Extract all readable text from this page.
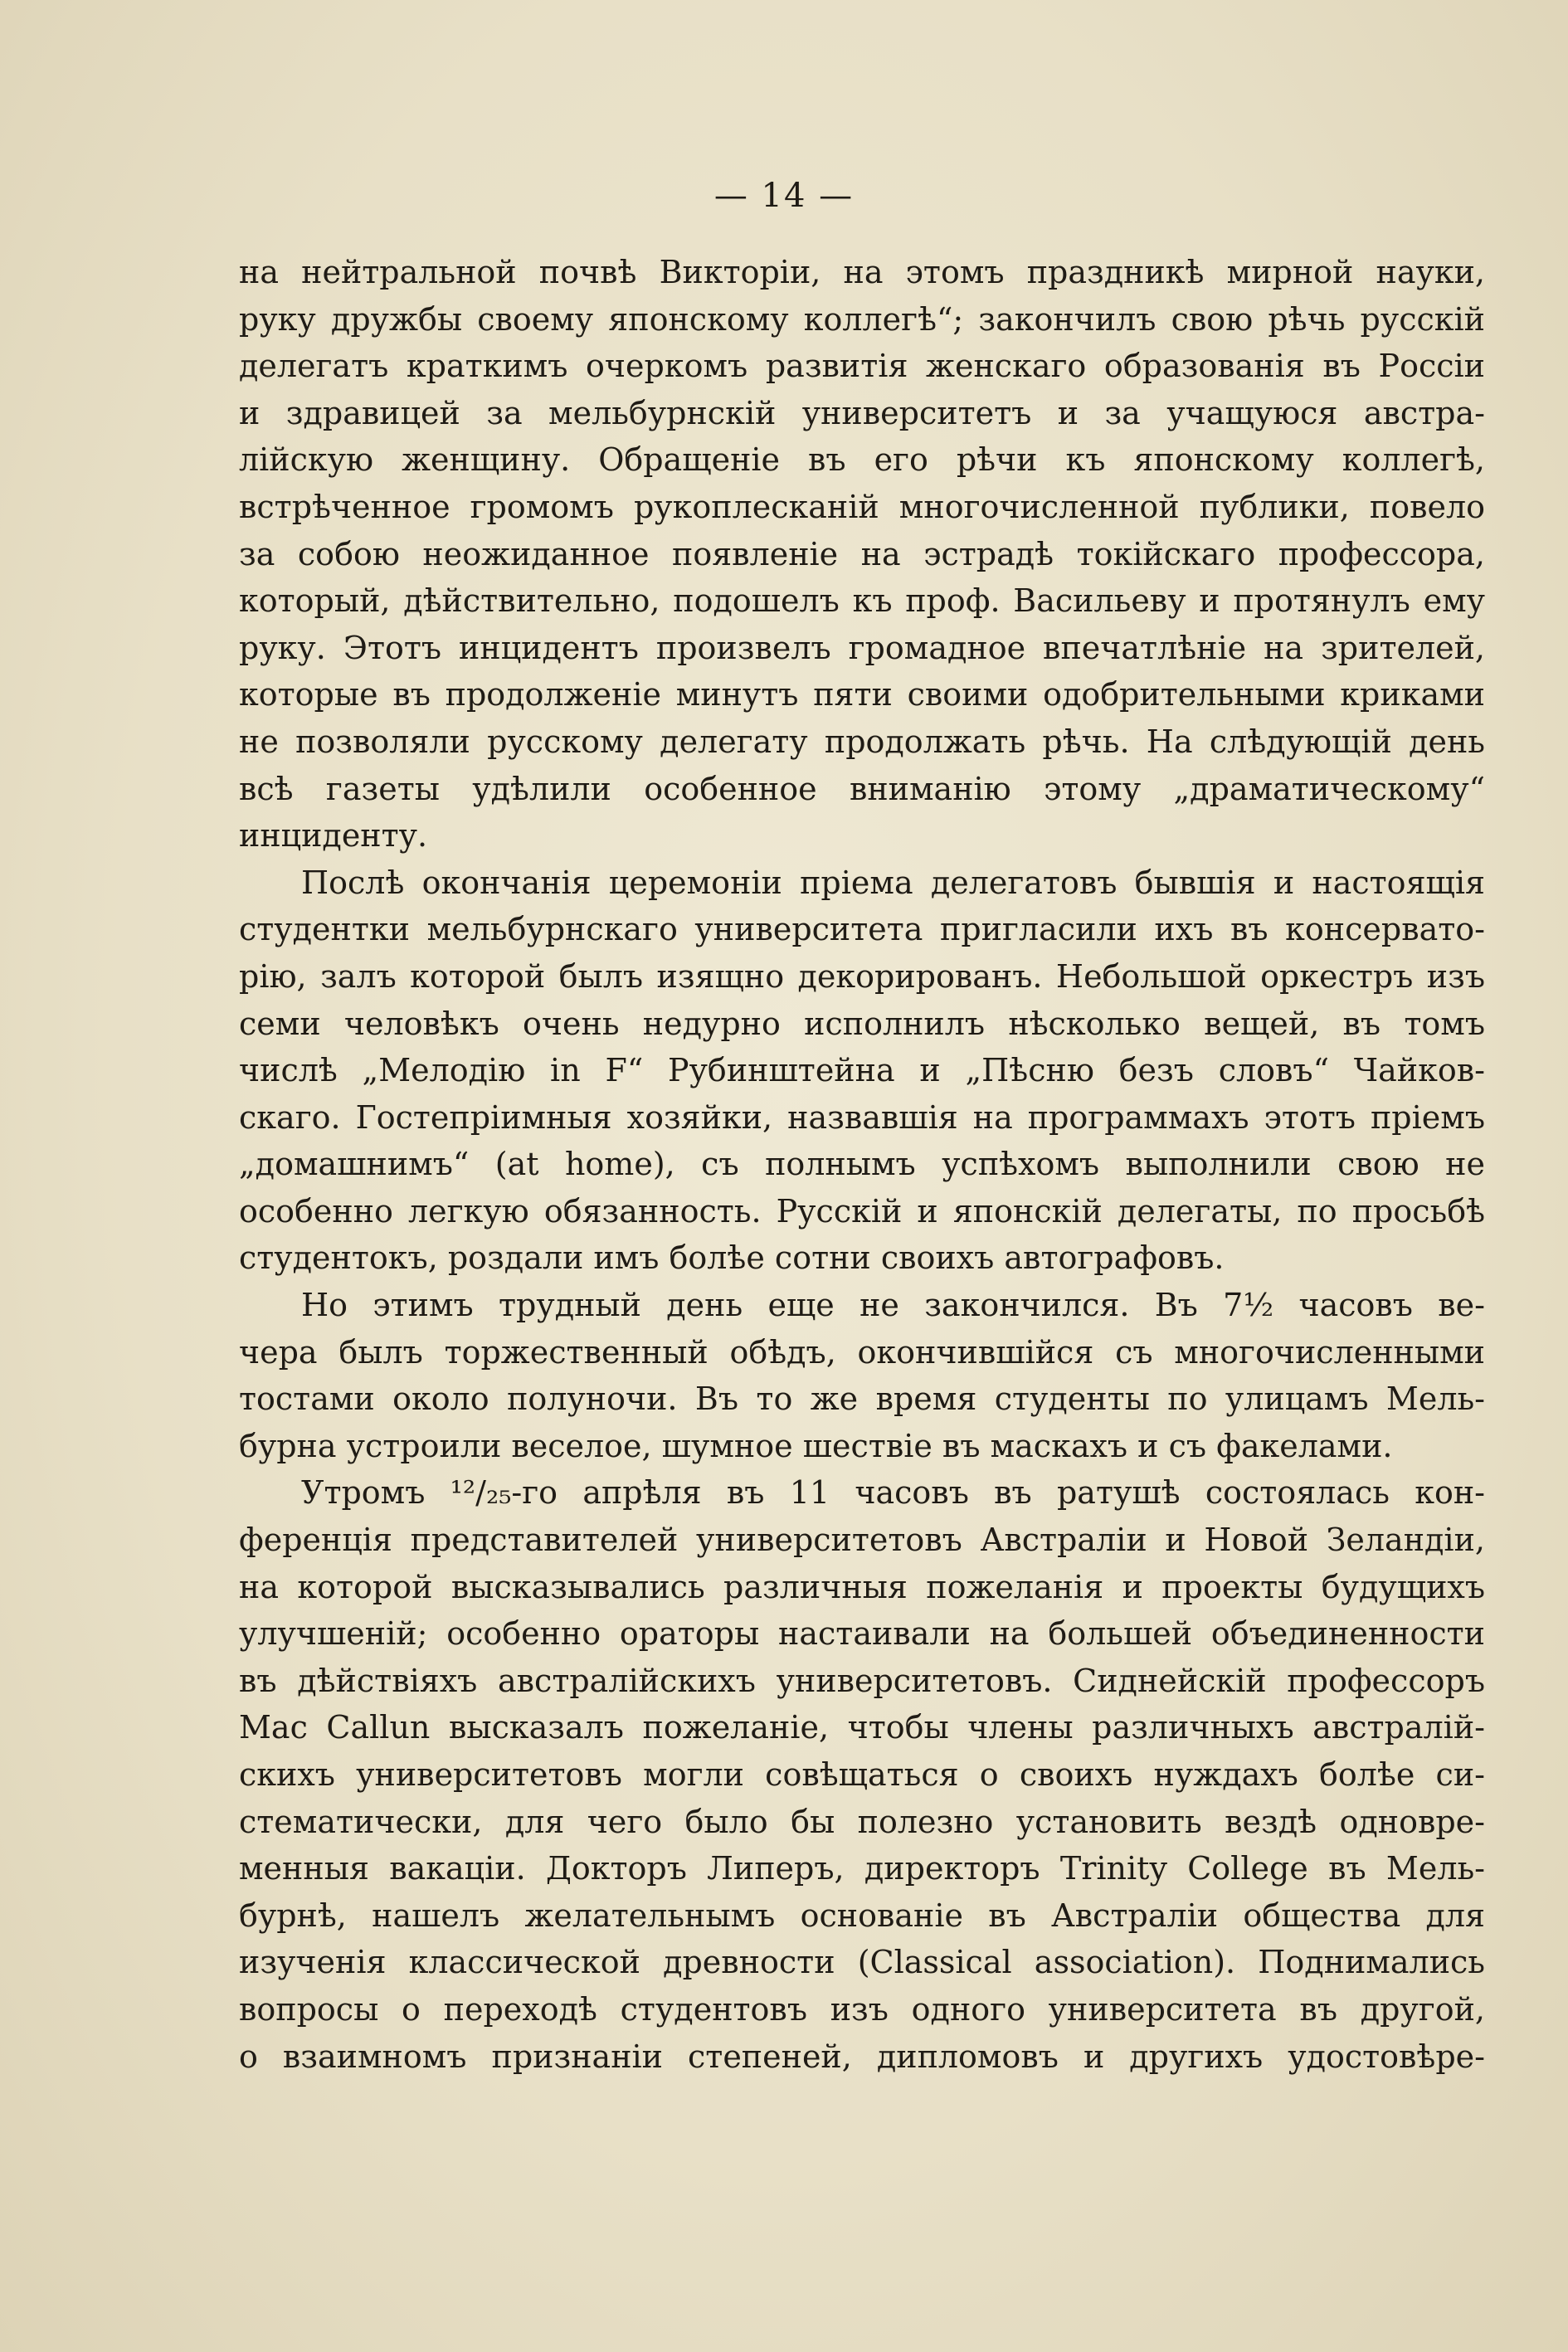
— 14 —
на нейтральной почвѣ Викторіи, на этомъ праздникѣ мирной науки,
руку дружбы своему японскому коллегѣ“; закончилъ свою рѣчь русскій
делегатъ краткимъ очеркомъ развитія женскаго образованія въ Россіи
и здравицей за мельбурнскій университетъ и за учащуюся австра-
лійскую женщину. Обращеніе въ его рѣчи къ японскому коллегѣ,
встрѣченное громомъ рукоплесканій многочисленной публики, повело
за собою неожиданное появленіе на эстрадѣ токійскаго профессора,
который, дѣйствительно, подошелъ къ проф. Васильеву и протянулъ ему
руку. Этотъ инцидентъ произвелъ громадное впечатлѣніе на зрителей,
которые въ продолженіе минутъ пяти своими одобрительными криками
не позволяли русскому делегату продолжать рѣчь. На слѣдующій день
всѣ газеты удѣлили особенное вниманію этому „драматическому“
инциденту.
Послѣ окончанія церемоніи пріема делегатовъ бывшія и настоящія
студентки мельбурнскаго университета пригласили ихъ въ консервато-
рію, залъ которой былъ изящно декорированъ. Небольшой оркестръ изъ
семи человѣкъ очень недурно исполнилъ нѣсколько вещей, въ томъ
числѣ „Мелодію in F“ Рубинштейна и „Пѣсню безъ словъ“ Чайков-
скаго. Гостепріимныя хозяйки, назвавшія на программахъ этотъ пріемъ
„домашнимъ“ (at home), съ полнымъ успѣхомъ выполнили свою не
особенно легкую обязанность. Русскій и японскій делегаты, по просьбѣ
студентокъ, роздали имъ болѣе сотни своихъ автографовъ.
Но этимъ трудный день еще не закончился. Въ 7½ часовъ ве-
чера былъ торжественный обѣдъ, окончившійся съ многочисленными
тостами около полуночи. Въ то же время студенты по улицамъ Мель-
бурна устроили веселое, шумное шествіе въ маскахъ и съ факелами.
Утромъ ¹²/₂₅-го апрѣля въ 11 часовъ въ ратушѣ состоялась кон-
ференція представителей университетовъ Австраліи и Новой Зеландіи,
на которой высказывались различныя пожеланія и проекты будущихъ
улучшеній; особенно ораторы настаивали на большей объединенности
въ дѣйствіяхъ австралійскихъ университетовъ. Сиднейскій профессоръ
Mac Callun высказалъ пожеланіе, чтобы члены различныхъ австралій-
скихъ университетовъ могли совѣщаться о своихъ нуждахъ болѣе си-
стематически, для чего было бы полезно установить вездѣ одновре-
менныя вакаціи. Докторъ Липеръ, директоръ Trinity College въ Мель-
бурнѣ, нашелъ желательнымъ основаніе въ Австраліи общества для
изученія классической древности (Classical association). Поднимались
вопросы о переходѣ студентовъ изъ одного университета въ другой,
о взаимномъ признаніи степеней, дипломовъ и другихъ удостовѣре-
